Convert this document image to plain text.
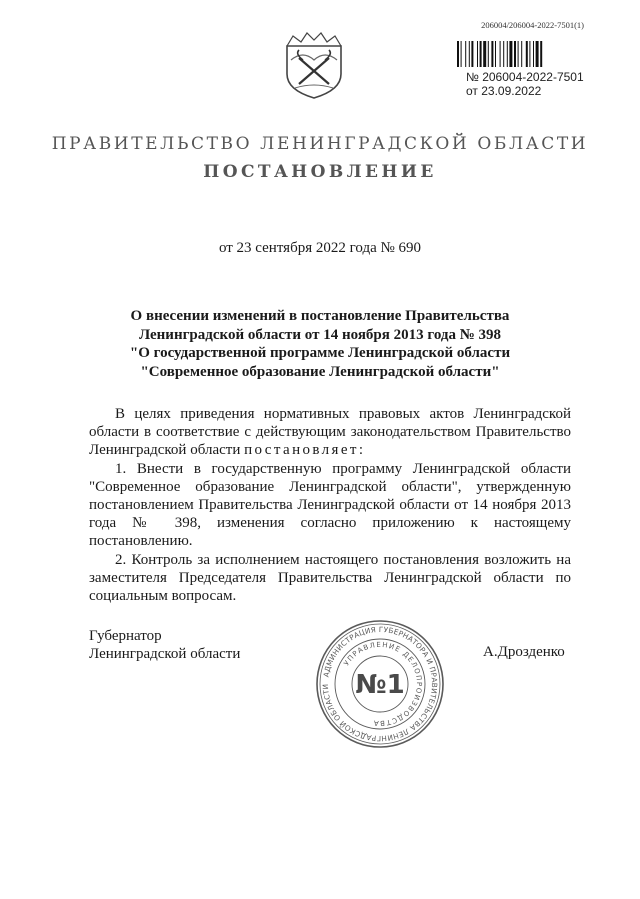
206004/206004-2022-7501(1)
№ 206004-2022-7501
от 23.09.2022
ПРАВИТЕЛЬСТВО ЛЕНИНГРАДСКОЙ ОБЛАСТИ
ПОСТАНОВЛЕНИЕ
от 23 сентября 2022 года № 690
О внесении изменений в постановление Правительства
Ленинградской области от 14 ноября 2013 года № 398
"О государственной программе Ленинградской области
"Современное образование Ленинградской области"

В целях приведения нормативных правовых актов Ленинградской области в соответствие с действующим законодательством Правительство Ленинградской области постановляет:

1. Внести в государственную программу Ленинградской области "Современное образование Ленинградской области", утвержденную постановлением Правительства Ленинградской области от 14 ноября 2013 года № 398, изменения согласно приложению к настоящему постановлению.

2. Контроль за исполнением настоящего постановления возложить на заместителя Председателя Правительства Ленинградской области по социальным вопросам.

Губернатор
Ленинградской области	А.Дрозденко
АДМИНИСТРАЦИЯ ГУБЕРНАТОРА И ПРАВИТЕЛЬСТВА ЛЕНИНГРАДСКОЙ ОБЛАСТИ
УПРАВЛЕНИЕ ДЕЛОПРОИЗВОДСТВА
№1
